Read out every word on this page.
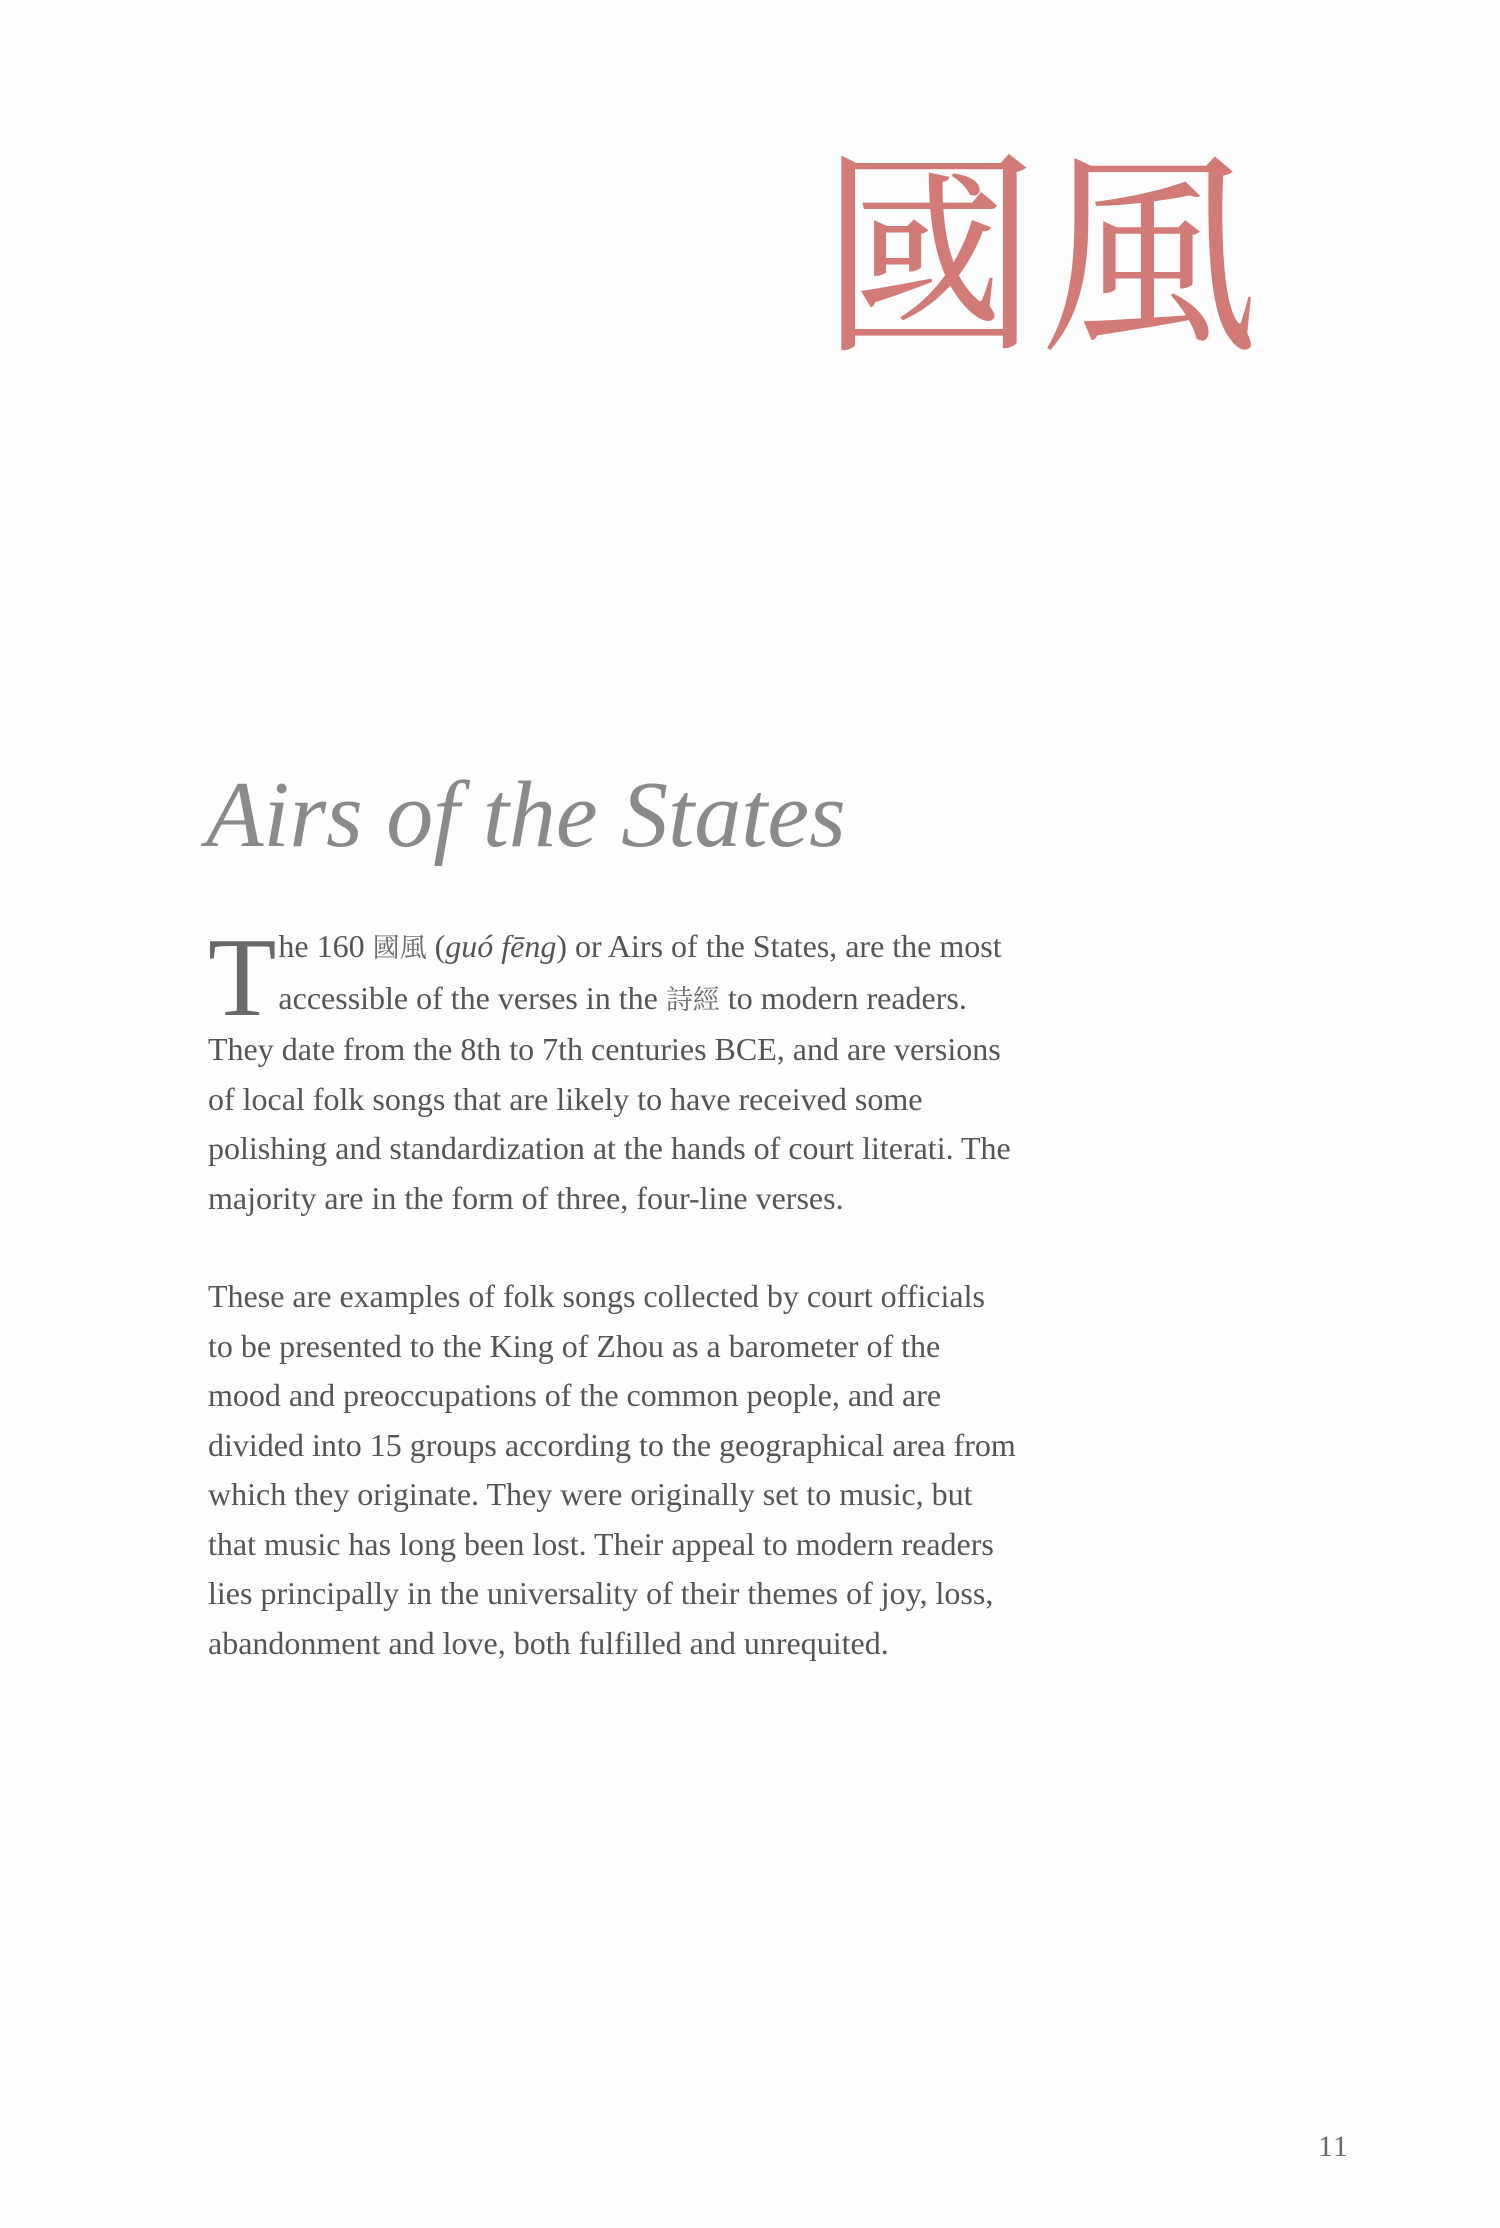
國風
Airs of the States

T he 160 國風 (guó fēng) or Airs of the States, are the most
accessible of the verses in the 詩經 to modern readers.
They date from the 8th to 7th centuries BCE, and are versions
of local folk songs that are likely to have received some
polishing and standardization at the hands of court literati. The
majority are in the form of three, four-line verses.

These are examples of folk songs collected by court officials
to be presented to the King of Zhou as a barometer of the
mood and preoccupations of the common people, and are
divided into 15 groups according to the geographical area from
which they originate. They were originally set to music, but
that music has long been lost. Their appeal to modern readers
lies principally in the universality of their themes of joy, loss,
abandonment and love, both fulfilled and unrequited.

11
